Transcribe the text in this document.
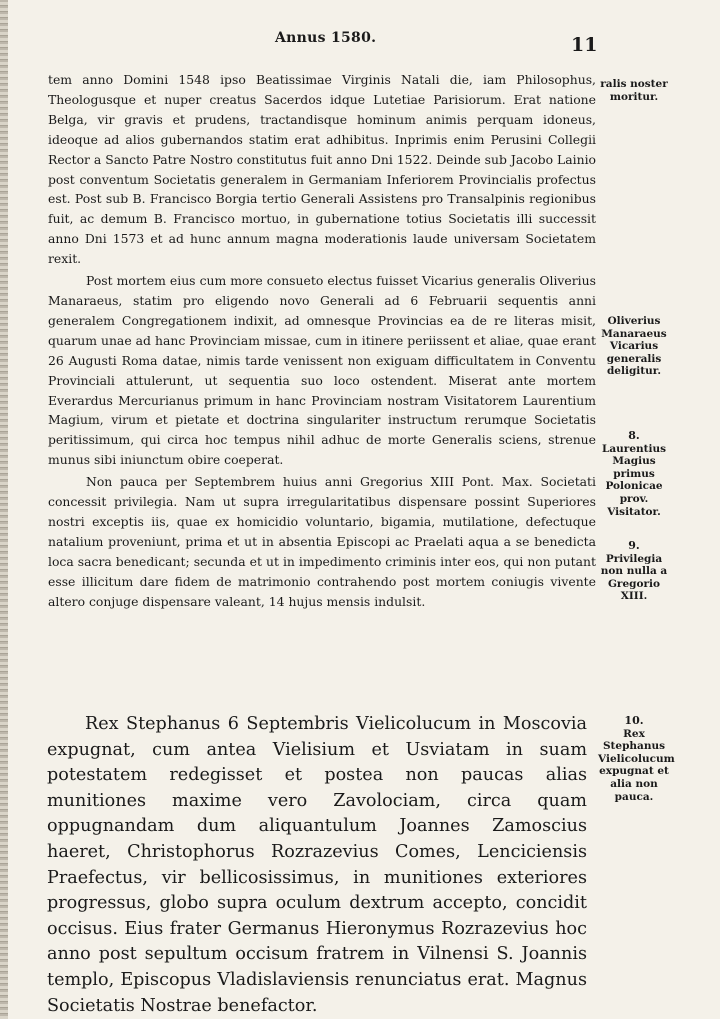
Annus 1580.	11

tem anno Domini 1548 ipso Beatissimae Virginis Natali die, iam Philosophus, Theologusque et nuper creatus Sacerdos idque Lutetiae Parisiorum. Erat natione Belga, vir gravis et prudens, tractandisque hominum animis perquam idoneus, ideoque ad alios gubernandos statim erat adhibitus. Inprimis enim Perusini Collegii Rector a Sancto Patre Nostro constitutus fuit anno Dni 1522. Deinde sub Jacobo Lainio post conventum Societatis generalem in Germaniam Inferiorem Provincialis profectus est. Post sub B. Francisco Borgia tertio Generali Assistens pro Transalpinis regionibus fuit, ac demum B. Francisco mortuo, in gubernatione totius Societatis illi successit anno Dni 1573 et ad hunc annum magna moderationis laude universam Societatem rexit.

Post mortem eius cum more consueto electus fuisset Vicarius generalis Oliverius Manaraeus, statim pro eligendo novo Generali ad 6 Februarii sequentis anni generalem Congregationem indixit, ad omnesque Provincias ea de re literas misit, quarum unae ad hanc Provinciam missae, cum in itinere periissent et aliae, quae erant 26 Augusti Roma datae, nimis tarde venissent non exiguam difficultatem in Conventu Provinciali attulerunt, ut sequentia suo loco ostendent. Miserat ante mortem Everardus Mercurianus primum in hanc Provinciam nostram Visitatorem Laurentium Magium, virum et pietate et doctrina singulariter instructum rerumque Societatis peritissimum, qui circa hoc tempus nihil adhuc de morte Generalis sciens, strenue munus sibi iniunctum obire coeperat.

Non pauca per Septembrem huius anni Gregorius XIII Pont. Max. Societati concessit privilegia. Nam ut supra irregularitatibus dispensare possint Superiores nostri exceptis iis, quae ex homicidio voluntario, bigamia, mutilatione, defectuque natalium proveniunt, prima et ut in absentia Episcopi ac Praelati aqua a se benedicta loca sacra benedicant; secunda et ut in impedimento criminis inter eos, qui non putant esse illicitum dare fidem de matrimonio contrahendo post mortem coniugis vivente altero conjuge dispensare valeant, 14 hujus mensis indulsit.

Rex Stephanus 6 Septembris Vielicolucum in Moscovia expugnat, cum antea Vielisium et Usviatam in suam potestatem redegisset et postea non paucas alias munitiones maxime vero Zavolociam, circa quam oppugnandam dum aliquantulum Joannes Zamoscius haeret, Christophorus Rozrazevius Comes, Lenciciensis Praefectus, vir bellicosissimus, in munitiones exteriores progressus, globo supra oculum dextrum accepto, concidit occisus. Eius frater Germanus Hieronymus Rozrazevius hoc anno post sepultum occisum fratrem in Vilnensi S. Joannis templo, Episcopus Vladislaviensis renunciatus erat. Magnus Societatis Nostrae benefactor.

ralis noster moritur.
Oliverius Manaraeus Vicarius generalis deligitur.
8.
Laurentius Magius primus Polonicae prov. Visitator.
9.
Privilegia non nulla a Gregorio XIII.
10.
Rex Stephanus Vielicolucum expugnat et alia non pauca.
